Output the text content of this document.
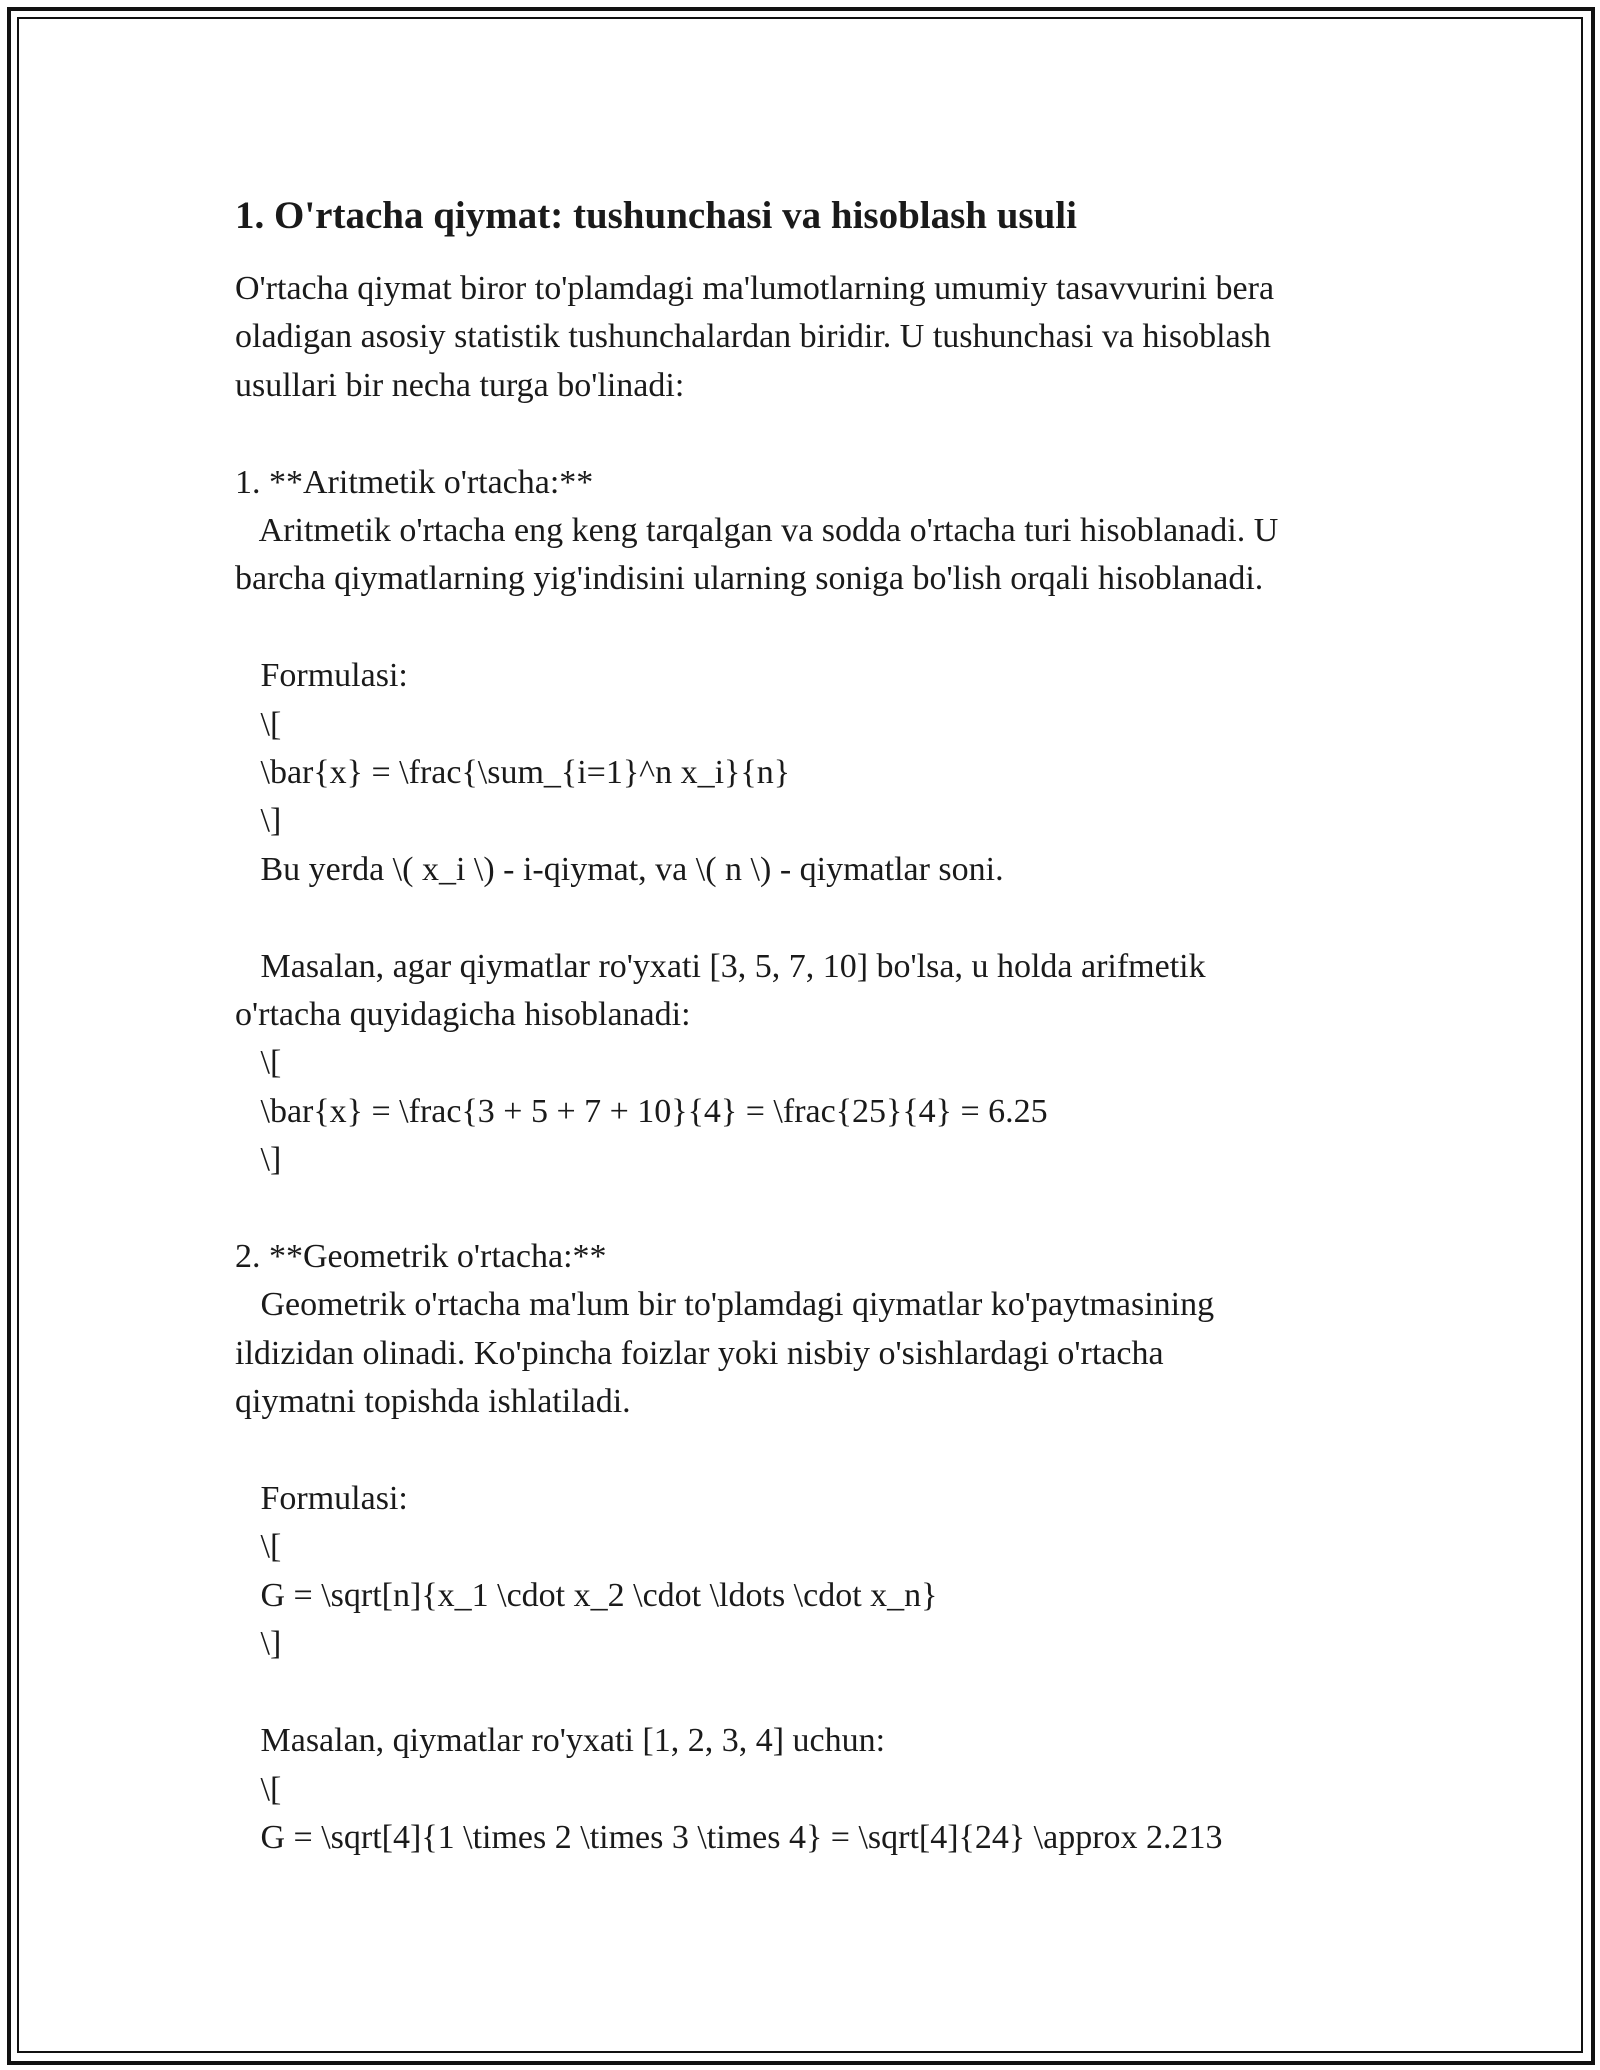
1. O'rtacha qiymat: tushunchasi va hisoblash usuli
O'rtacha qiymat biror to'plamdagi ma'lumotlarning umumiy tasavvurini bera
oladigan asosiy statistik tushunchalardan biridir. U tushunchasi va hisoblash
usullari bir necha turga bo'linadi:
1. **Aritmetik o'rtacha:**
Aritmetik o'rtacha eng keng tarqalgan va sodda o'rtacha turi hisoblanadi. U
barcha qiymatlarning yig'indisini ularning soniga bo'lish orqali hisoblanadi.
Formulasi:
\[
\bar{x} = \frac{\sum_{i=1}^n x_i}{n}
\]
Bu yerda \( x_i \) - i-qiymat, va \( n \) - qiymatlar soni.
Masalan, agar qiymatlar ro'yxati [3, 5, 7, 10] bo'lsa, u holda arifmetik
o'rtacha quyidagicha hisoblanadi:
\[
\bar{x} = \frac{3 + 5 + 7 + 10}{4} = \frac{25}{4} = 6.25
\]
2. **Geometrik o'rtacha:**
Geometrik o'rtacha ma'lum bir to'plamdagi qiymatlar ko'paytmasining
ildizidan olinadi. Ko'pincha foizlar yoki nisbiy o'sishlardagi o'rtacha
qiymatni topishda ishlatiladi.
Formulasi:
\[
G = \sqrt[n]{x_1 \cdot x_2 \cdot \ldots \cdot x_n}
\]
Masalan, qiymatlar ro'yxati [1, 2, 3, 4] uchun:
\[
G = \sqrt[4]{1 \times 2 \times 3 \times 4} = \sqrt[4]{24} \approx 2.213
